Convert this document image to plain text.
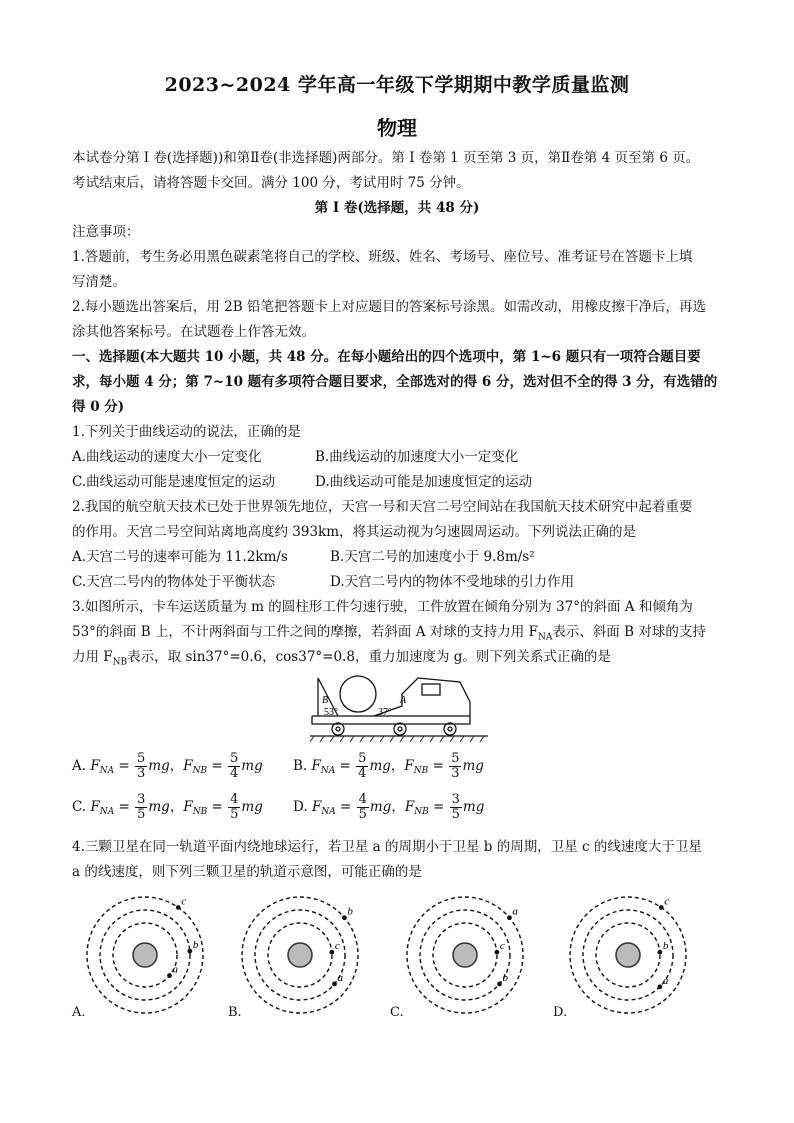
2023~2024 学年高一年级下学期期中教学质量监测
物理
本试卷分第 I 卷(选择题))和第Ⅱ卷(非选择题)两部分。第 I 卷第 1 页至第 3 页，第Ⅱ卷第 4 页至第 6 页。
考试结束后，请将答题卡交回。满分 100 分，考试用时 75 分钟。
第 I 卷(选择题，共 48 分)
注意事项：
1.答题前，考生务必用黑色碳素笔将自己的学校、班级、姓名、考场号、座位号、准考证号在答题卡上填
写清楚。
2.每小题选出答案后，用 2B 铅笔把答题卡上对应题目的答案标号涂黑。如需改动，用橡皮擦干净后，再选
涂其他答案标号。在试题卷上作答无效。
一、选择题(本大题共 10 小题，共 48 分。在每小题给出的四个选项中，第 1~6 题只有一项符合题目要
求，每小题 4 分；第 7~10 题有多项符合题目要求，全部选对的得 6 分，选对但不全的得 3 分，有选错的
得 0 分)
1.下列关于曲线运动的说法，正确的是
A.曲线运动的速度大小一定变化	B.曲线运动的加速度大小一定变化
C.曲线运动可能是速度恒定的运动	D.曲线运动可能是加速度恒定的运动
2.我国的航空航天技术已处于世界领先地位，天宫一号和天宫二号空间站在我国航天技术研究中起着重要
的作用。天宫二号空间站离地高度约 393km，将其运动视为匀速圆周运动。下列说法正确的是
A.天宫二号的速率可能为 11.2km/s	B.天宫二号的加速度小于 9.8m/s²
C.天宫二号内的物体处于平衡状态	D.天宫二号内的物体不受地球的引力作用
3.如图所示，卡车运送质量为 m 的圆柱形工件匀速行驶，工件放置在倾角分别为 37°的斜面 A 和倾角为
53°的斜面 B 上，不计两斜面与工件之间的摩擦，若斜面 A 对球的支持力用 $F_{NA}$表示、斜面 B 对球的支持
力用 $F_{NB}$表示，取 sin37°=0.6，cos37°=0.8，重力加速度为 g。则下列关系式正确的是
B	A
53°	37°
A. $F_{NA} = \frac{5}{3}$ mg，$F_{NB} = \frac{5}{4}$ mg B. $F_{NA} = \frac{5}{4}$ mg，$F_{NB} = \frac{5}{3}$ mg
C. $F_{NA} = \frac{3}{5}$ mg，$F_{NB} = \frac{4}{5}$ mg D. $F_{NA} = \frac{4}{5}$ mg，$F_{NB} = \frac{3}{5}$ mg
4.三颗卫星在同一轨道平面内绕地球运行，若卫星 a 的周期小于卫星 b 的周期，卫星 c 的线速度大于卫星
a 的线速度，则下列三颗卫星的轨道示意图，可能正确的是
c
b
a
A.
b
a
c
B.
a
b
c
C.
c
a
b
D.
